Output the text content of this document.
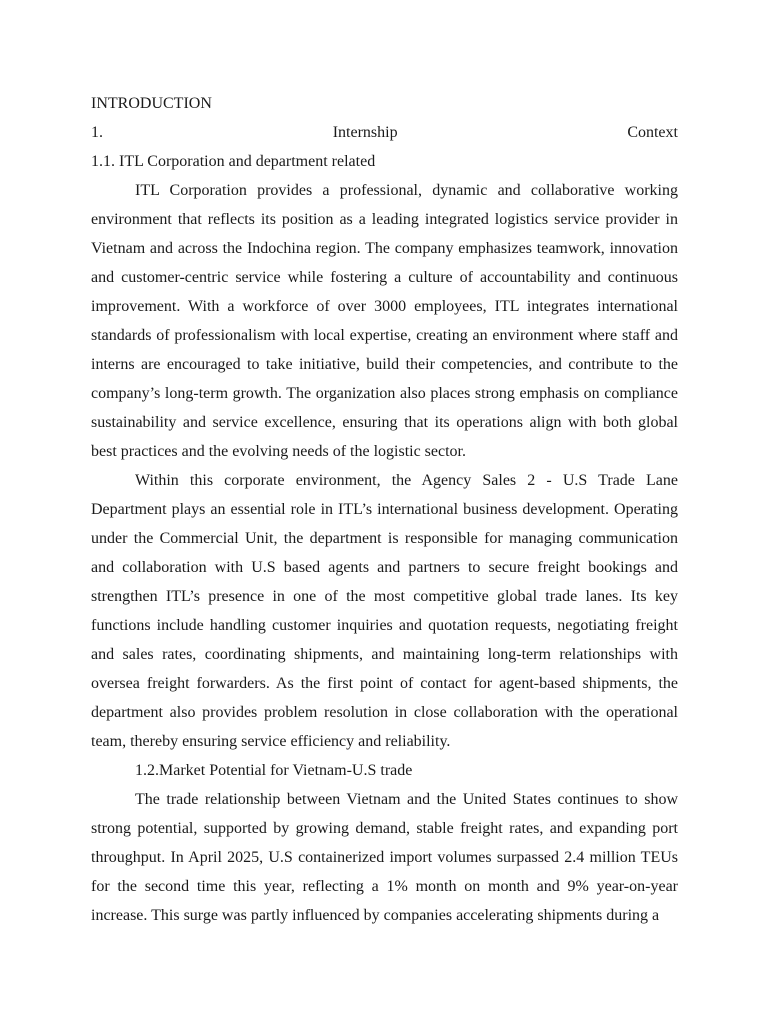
INTRODUCTION
1.	Internship	Context
1.1. ITL Corporation and department related

ITL Corporation provides a professional, dynamic and collaborative working environment that reflects its position as a leading integrated logistics service provider in Vietnam and across the Indochina region. The company emphasizes teamwork, innovation and customer-centric service while fostering a culture of accountability and continuous improvement. With a workforce of over 3000 employees, ITL integrates international standards of professionalism with local expertise, creating an environment where staff and interns are encouraged to take initiative, build their competencies, and contribute to the company’s long-term growth. The organization also places strong emphasis on compliance sustainability and service excellence, ensuring that its operations align with both global best practices and the evolving needs of the logistic sector.

Within this corporate environment, the Agency Sales 2 - U.S Trade Lane Department plays an essential role in ITL’s international business development. Operating under the Commercial Unit, the department is responsible for managing communication and collaboration with U.S based agents and partners to secure freight bookings and strengthen ITL’s presence in one of the most competitive global trade lanes. Its key functions include handling customer inquiries and quotation requests, negotiating freight and sales rates, coordinating shipments, and maintaining long-term relationships with oversea freight forwarders. As the first point of contact for agent-based shipments, the department also provides problem resolution in close collaboration with the operational team, thereby ensuring service efficiency and reliability.

1.2.Market Potential for Vietnam-U.S trade

The trade relationship between Vietnam and the United States continues to show strong potential, supported by growing demand, stable freight rates, and expanding port throughput. In April 2025, U.S containerized import volumes surpassed 2.4 million TEUs for the second time this year, reflecting a 1% month on month and 9% year-on-year increase. This surge was partly influenced by companies accelerating shipments during a
